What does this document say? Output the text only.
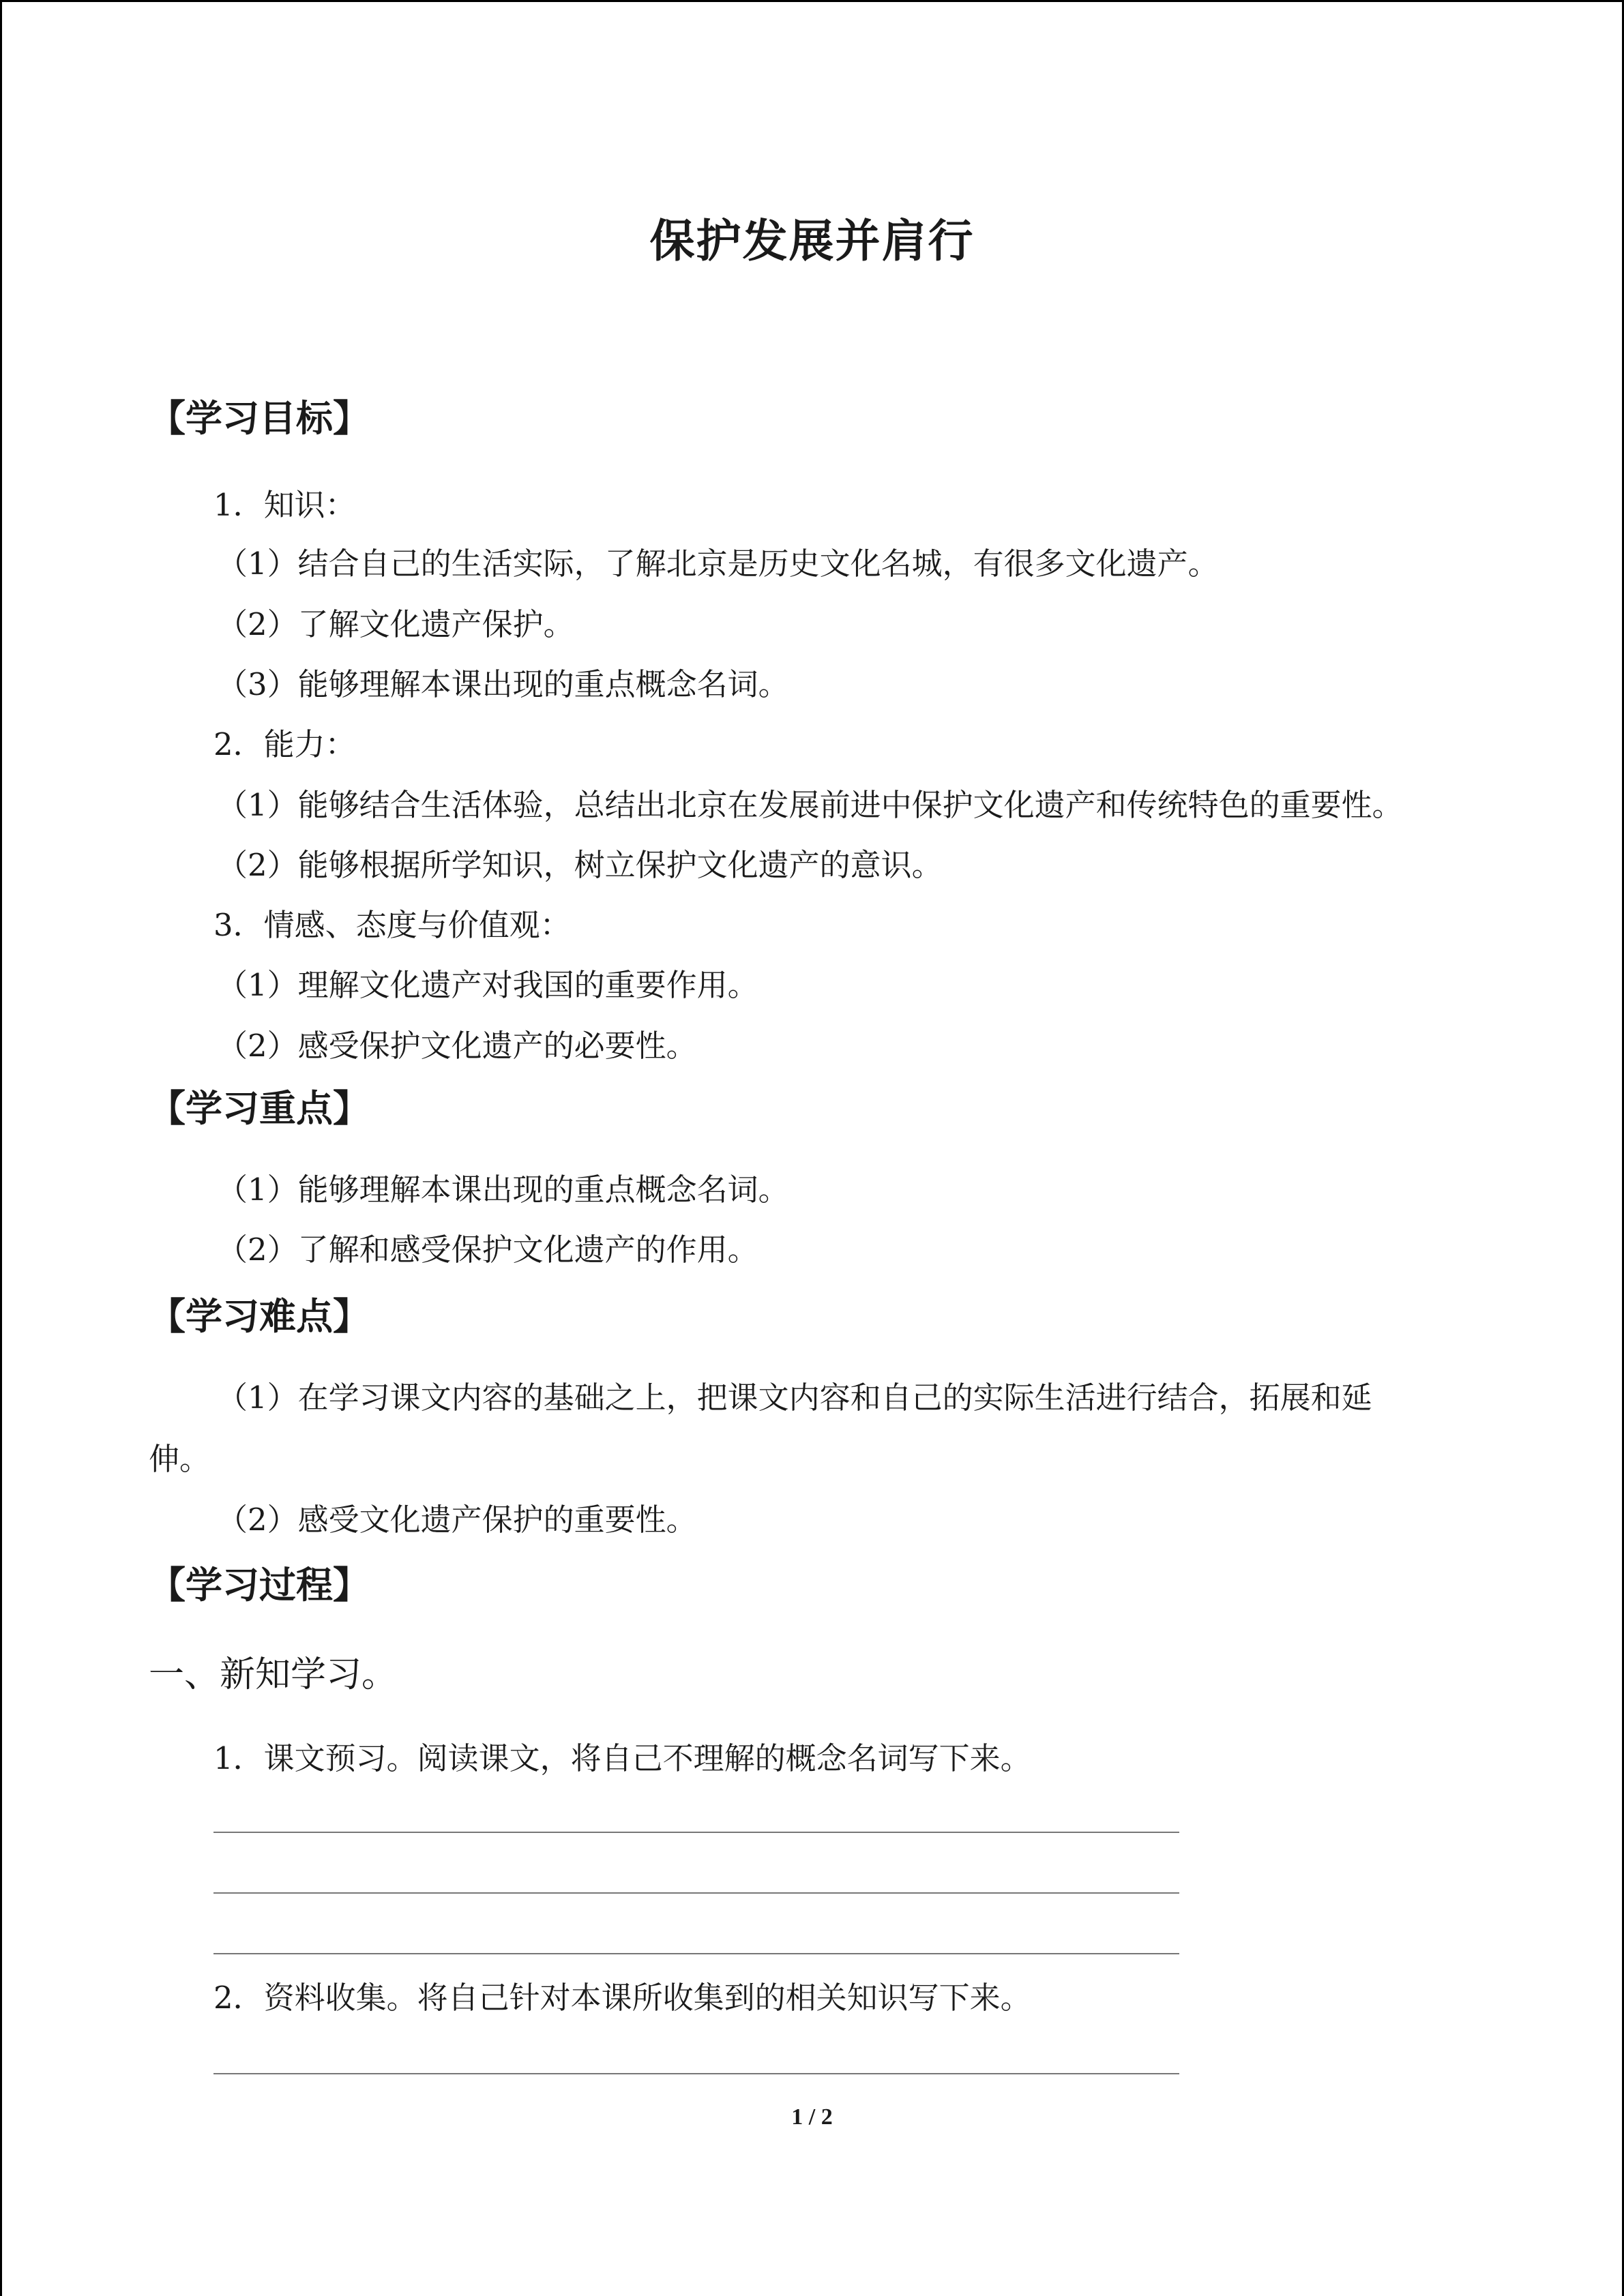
保护发展并肩行
【学习目标】
1．知识：
（1）结合自己的生活实际，了解北京是历史文化名城，有很多文化遗产。
（2）了解文化遗产保护。
（3）能够理解本课出现的重点概念名词。
2．能力：
（1）能够结合生活体验，总结出北京在发展前进中保护文化遗产和传统特色的重要性。
（2）能够根据所学知识，树立保护文化遗产的意识。
3．情感、态度与价值观：
（1）理解文化遗产对我国的重要作用。
（2）感受保护文化遗产的必要性。
【学习重点】
（1）能够理解本课出现的重点概念名词。
（2）了解和感受保护文化遗产的作用。
【学习难点】
（1）在学习课文内容的基础之上，把课文内容和自己的实际生活进行结合，拓展和延
伸。
（2）感受文化遗产保护的重要性。
【学习过程】
一、新知学习。
1．课文预习。阅读课文，将自己不理解的概念名词写下来。
2．资料收集。将自己针对本课所收集到的相关知识写下来。
1 / 2
